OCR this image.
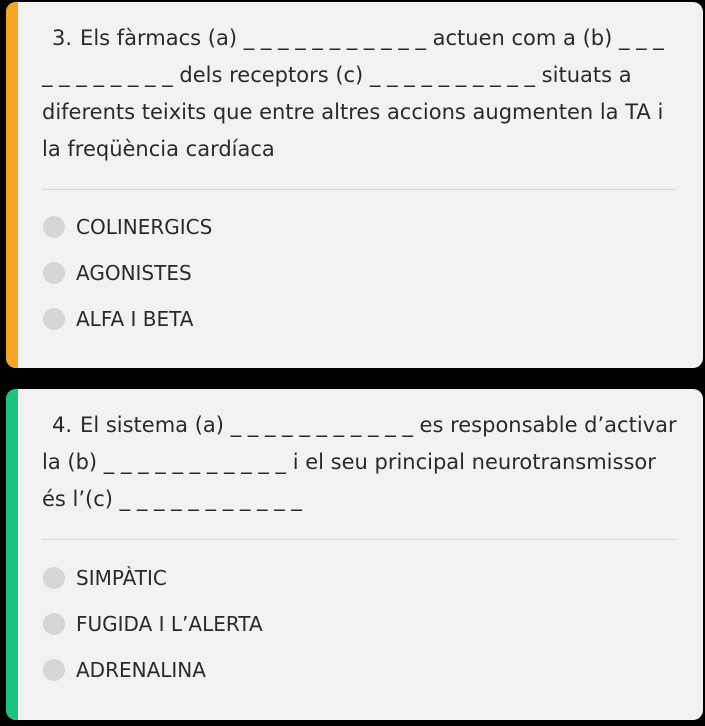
3. Els fàrmacs (a) _ _ _ _ _ _ _ _ _ _ _ actuen com a (b) _ _ _ _ _ _ _ _ _ _ _ dels receptors (c) _ _ _ _ _ _ _ _ _ _ situats a diferents teixits que entre altres accions augmenten la TA i la freqüència cardíaca
COLINERGICS
AGONISTES
ALFA I BETA
4. El sistema (a) _ _ _ _ _ _ _ _ _ _ _ es responsable d’activar la (b) _ _ _ _ _ _ _ _ _ _ _ i el seu principal neurotransmissor és l’(c) _ _ _ _ _ _ _ _ _ _ _
SIMPÀTIC
FUGIDA I L’ALERTA
ADRENALINA
